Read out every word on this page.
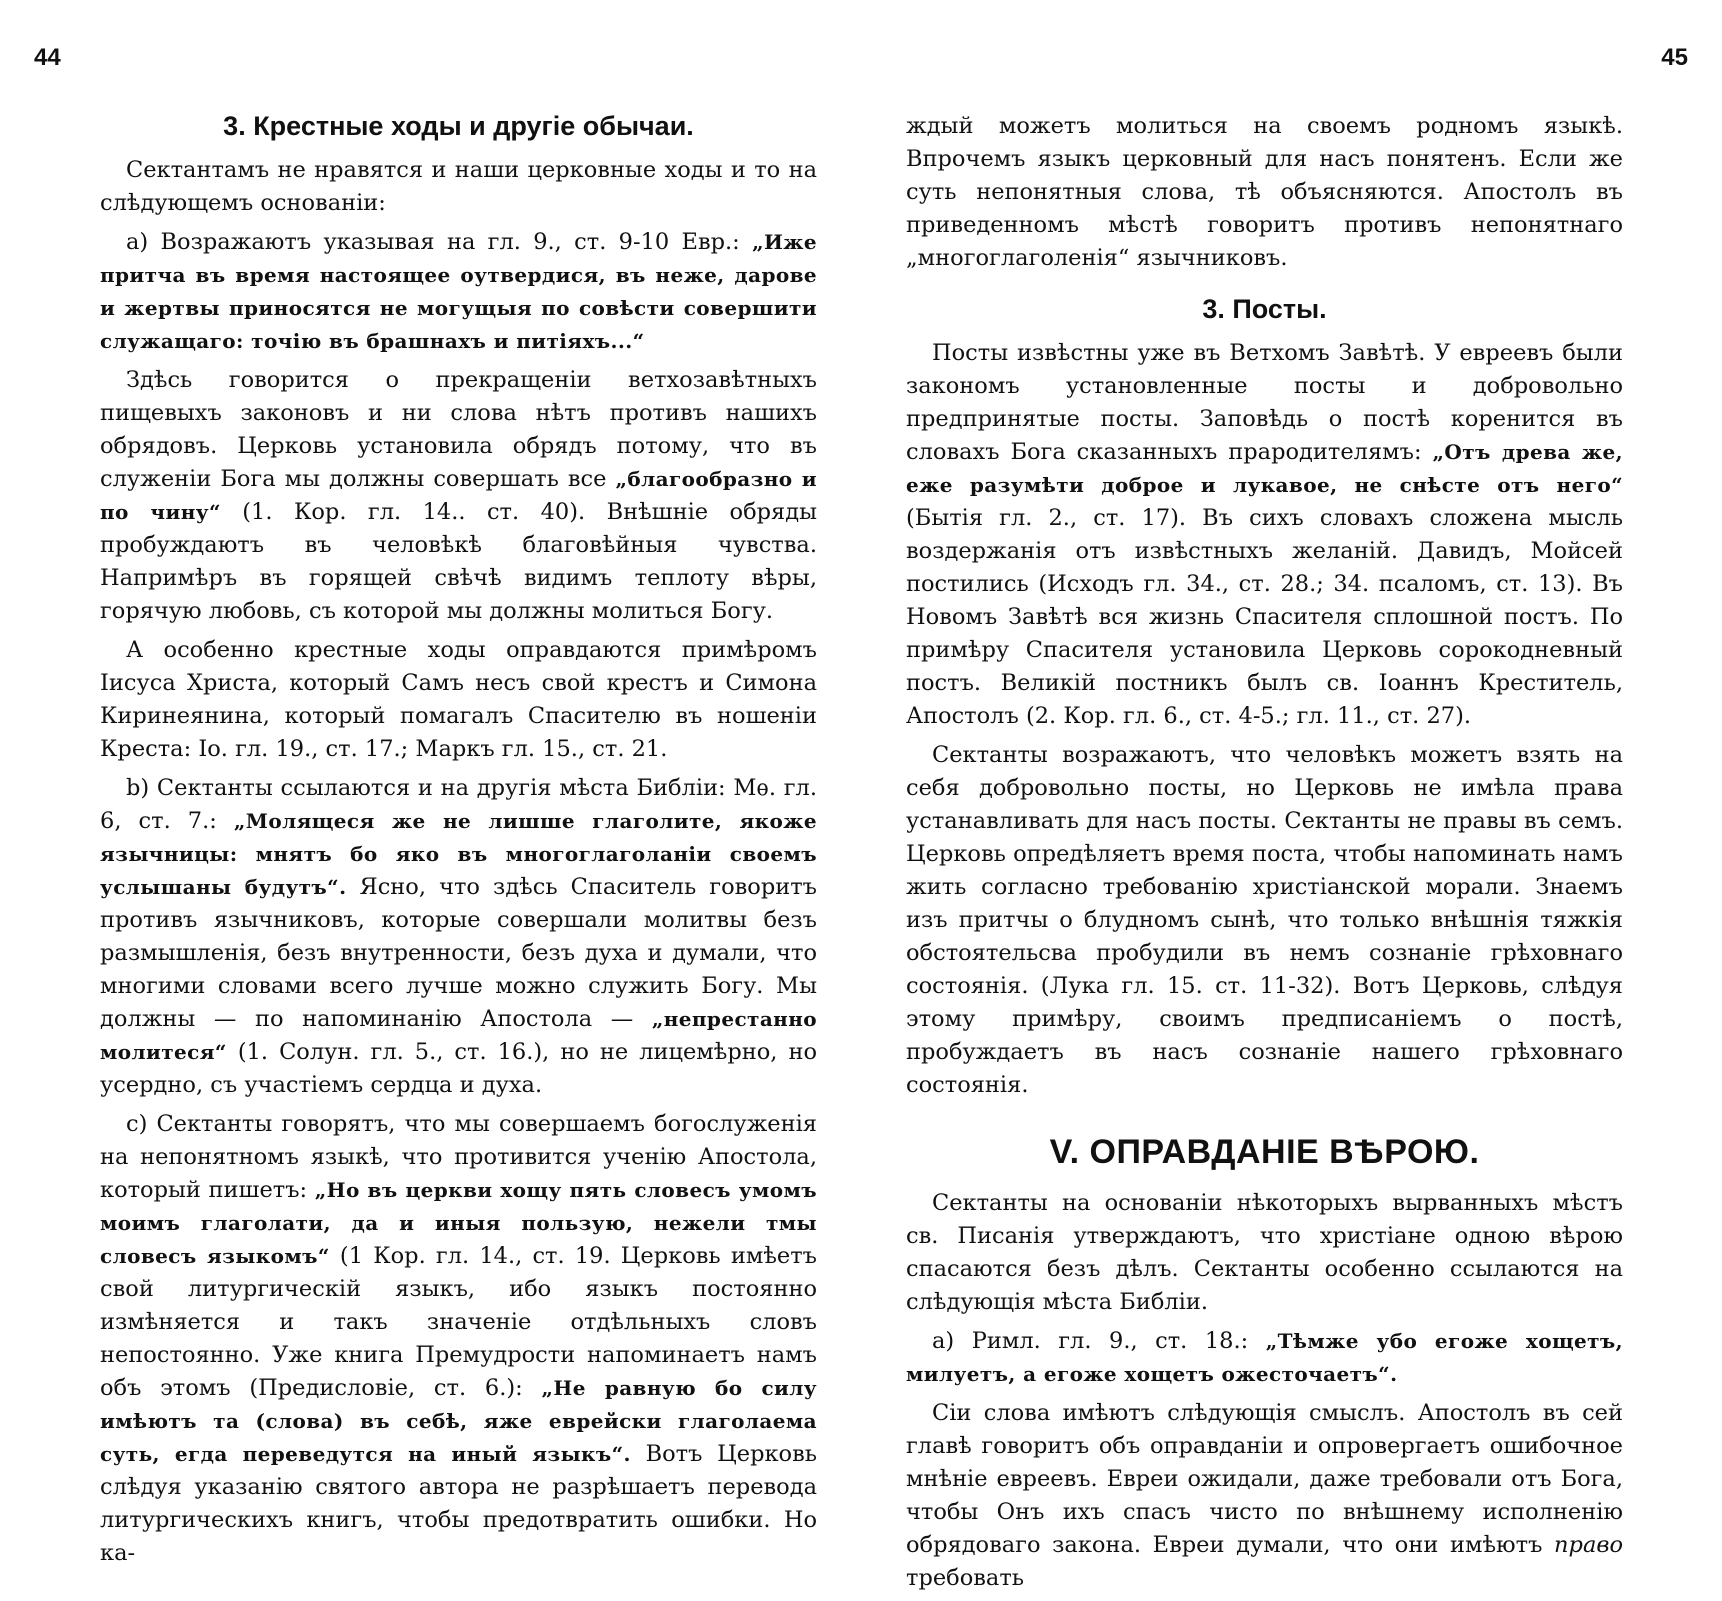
44
3. Крестные ходы и другіе обычаи.

Сектантамъ не нравятся и наши церковные ходы и то на слѣдующемъ основаніи:

а) Возражаютъ указывая на гл. 9., ст. 9-10 Евр.: „Иже притча въ время настоящее оутвердися, въ неже, дарове и жертвы приносятся не могущыя по совѣсти совершити служащаго: точію въ брашнахъ и питіяхъ...“

Здѣсь говорится о прекращеніи ветхозавѣтныхъ пищевыхъ законовъ и ни слова нѣтъ противъ нашихъ обрядовъ. Церковь установила обрядъ потому, что въ служеніи Бога мы должны совершать все „благообразно и по чину“ (1. Кор. гл. 14.. ст. 40). Внѣшніе обряды пробуждаютъ въ человѣкѣ благовѣйныя чувства. Напримѣръ въ горящей свѣчѣ видимъ теплоту вѣры, горячую любовь, съ которой мы должны молиться Богу.

А особенно крестные ходы оправдаются примѣромъ Іисуса Христа, который Самъ несъ свой крестъ и Симона Киринеянина, который помагалъ Спасителю въ ношеніи Креста: Іо. гл. 19., ст. 17.; Маркъ гл. 15., ст. 21.

b) Сектанты ссылаются и на другія мѣста Библіи: Мѳ. гл. 6, ст. 7.: „Молящеся же не лишше глаголите, якоже язычницы: мнятъ бо яко въ многоглаголаніи своемъ услышаны будутъ“. Ясно, что здѣсь Спаситель говоритъ противъ язычниковъ, которые совершали молитвы безъ размышленія, безъ внутренности, безъ духа и думали, что многими словами всего лучше можно служить Богу. Мы должны — по напоминанію Апостола — „непрестанно молитеся“ (1. Солун. гл. 5., ст. 16.), но не лицемѣрно, но усердно, съ участіемъ сердца и духа.

с) Сектанты говорятъ, что мы совершаемъ богослуженія на непонятномъ языкѣ, что противится ученію Апостола, который пишетъ: „Но въ церкви хощу пять словесъ умомъ моимъ глаголати, да и иныя пользую, нежели тмы словесъ языкомъ“ (1 Кор. гл. 14., ст. 19. Церковь имѣетъ свой литургическій языкъ, ибо языкъ постоянно измѣняется и такъ значеніе отдѣльныхъ словъ непостоянно. Уже книга Премудрости напоминаетъ намъ объ этомъ (Предисловіе, ст. 6.): „Не равную бо силу имѣютъ та (слова) въ себѣ, яже еврейски глаголаема суть, егда переведутся на иный языкъ“. Вотъ Церковь слѣдуя указанію святого автора не разрѣшаетъ перевода литургическихъ книгъ, чтобы предотвратить ошибки. Но ка-

45

ждый можетъ молиться на своемъ родномъ языкѣ. Впрочемъ языкъ церковный для насъ понятенъ. Если же суть непонятныя слова, тѣ объясняются. Апостолъ въ приведенномъ мѣстѣ говоритъ противъ непонятнаго „многоглаголенія“ язычниковъ.

3. Посты.

Посты извѣстны уже въ Ветхомъ Завѣтѣ. У евреевъ были закономъ установленные посты и добровольно предпринятые посты. Заповѣдь о постѣ коренится въ словахъ Бога сказанныхъ прародителямъ: „Отъ древа же, еже разумѣти доброе и лукавое, не снѣсте отъ него“ (Бытія гл. 2., ст. 17). Въ сихъ словахъ сложена мысль воздержанія отъ извѣстныхъ желаній. Давидъ, Мойсей постились (Исходъ гл. 34., ст. 28.; 34. псаломъ, ст. 13). Въ Новомъ Завѣтѣ вся жизнь Спасителя сплошной постъ. По примѣру Спасителя установила Церковь сорокодневный постъ. Великій постникъ былъ св. Іоаннъ Креститель, Апостолъ (2. Кор. гл. 6., ст. 4-5.; гл. 11., ст. 27).

Сектанты возражаютъ, что человѣкъ можетъ взять на себя добровольно посты, но Церковь не имѣла права устанавливать для насъ посты. Сектанты не правы въ семъ. Церковь опредѣляетъ время поста, чтобы напоминать намъ жить согласно требованію христіанской морали. Знаемъ изъ притчы о блудномъ сынѣ, что только внѣшнія тяжкія обстоятельсва пробудили въ немъ сознаніе грѣховнаго состоянія. (Лука гл. 15. ст. 11-32). Вотъ Церковь, слѣдуя этому примѣру, своимъ предписаніемъ о постѣ, пробуждаетъ въ насъ сознаніе нашего грѣховнаго состоянія.

V. ОПРАВДАНІЕ ВѢРОЮ.

Сектанты на основаніи нѣкоторыхъ вырванныхъ мѣстъ св. Писанія утверждаютъ, что христіане одною вѣрою спасаются безъ дѣлъ. Сектанты особенно ссылаются на слѣдующія мѣста Библіи.

а) Римл. гл. 9., ст. 18.: „Тѣмже убо егоже хощетъ, милуетъ, а егоже хощетъ ожесточаетъ“.

Сіи слова имѣютъ слѣдующія смыслъ. Апостолъ въ сей главѣ говоритъ объ оправданіи и опровергаетъ ошибочное мнѣніе евреевъ. Евреи ожидали, даже требовали отъ Бога, чтобы Онъ ихъ спасъ чисто по внѣшнему исполненію обрядоваго закона. Евреи думали, что они имѣютъ право требовать
